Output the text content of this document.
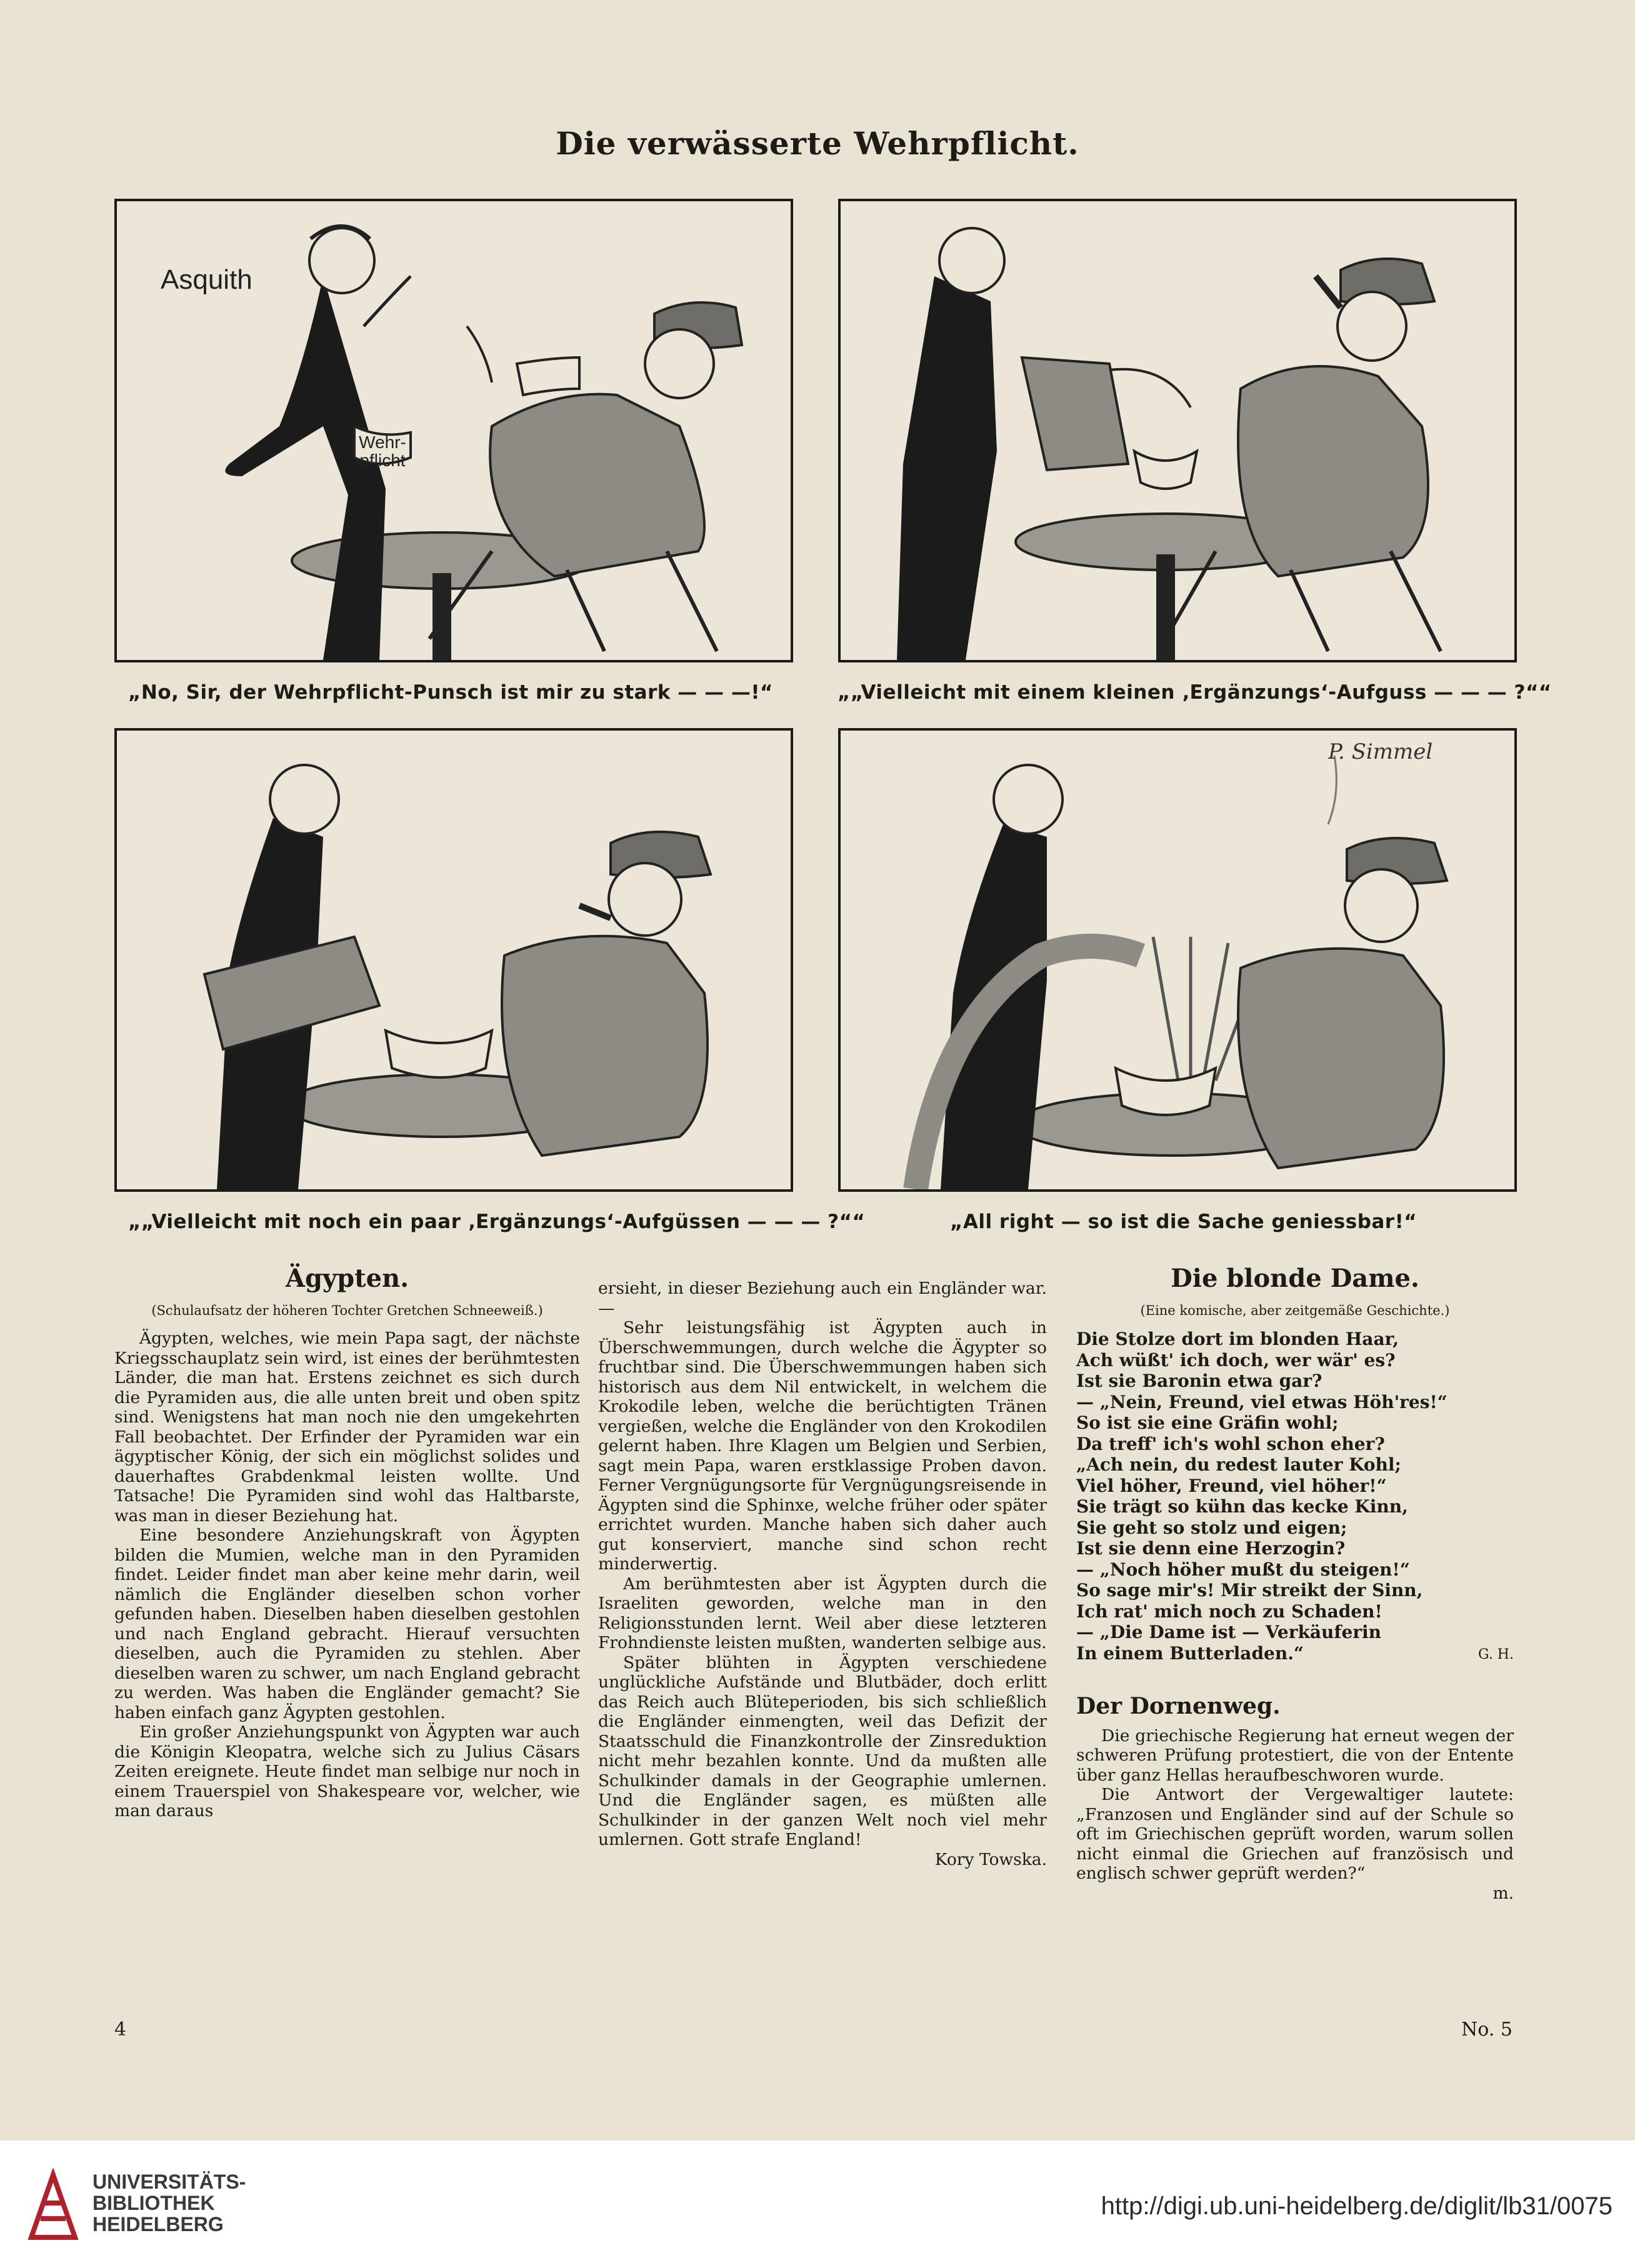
Die verwässerte Wehrpflicht.
Wehr-
pflicht
Asquith
P. Simmel
„No, Sir, der Wehrpflicht-Punsch ist mir zu stark — — —!“	„„Vielleicht mit einem kleinen ‚Ergänzungs‘-Aufguss — — — ?““
„„Vielleicht mit noch ein paar ‚Ergänzungs‘-Aufgüssen — — — ?““	„All right — so ist die Sache geniessbar!“
Ägypten.
(Schulaufsatz der höheren Tochter Gretchen Schneeweiß.)

Ägypten, welches, wie mein Papa sagt, der nächste Kriegsschauplatz sein wird, ist eines der berühmtesten Länder, die man hat. Erstens zeichnet es sich durch die Pyramiden aus, die alle unten breit und oben spitz sind. Wenigstens hat man noch nie den umgekehrten Fall beobachtet. Der Erfinder der Pyramiden war ein ägyptischer König, der sich ein möglichst solides und dauerhaftes Grabdenkmal leisten wollte. Und Tatsache! Die Pyramiden sind wohl das Haltbarste, was man in dieser Beziehung hat.

Eine besondere Anziehungskraft von Ägypten bilden die Mumien, welche man in den Pyramiden findet. Leider findet man aber keine mehr darin, weil nämlich die Engländer dieselben schon vorher gefunden haben. Dieselben haben dieselben gestohlen und nach England gebracht. Hierauf versuchten dieselben, auch die Pyramiden zu stehlen. Aber dieselben waren zu schwer, um nach England gebracht zu werden. Was haben die Engländer gemacht? Sie haben einfach ganz Ägypten gestohlen.

Ein großer Anziehungspunkt von Ägypten war auch die Königin Kleopatra, welche sich zu Julius Cäsars Zeiten ereignete. Heute findet man selbige nur noch in einem Trauerspiel von Shakespeare vor, welcher, wie man daraus

ersieht, in dieser Beziehung auch ein Engländer war. —

Sehr leistungsfähig ist Ägypten auch in Überschwemmungen, durch welche die Ägypter so fruchtbar sind. Die Überschwemmungen haben sich historisch aus dem Nil entwickelt, in welchem die Krokodile leben, welche die berüchtigten Tränen vergießen, welche die Engländer von den Krokodilen gelernt haben. Ihre Klagen um Belgien und Serbien, sagt mein Papa, waren erstklassige Proben davon. Ferner Vergnügungsorte für Vergnügungsreisende in Ägypten sind die Sphinxe, welche früher oder später errichtet wurden. Manche haben sich daher auch gut konserviert, manche sind schon recht minderwertig.

Am berühmtesten aber ist Ägypten durch die Israeliten geworden, welche man in den Religionsstunden lernt. Weil aber diese letzteren Frohndienste leisten mußten, wanderten selbige aus.

Später blühten in Ägypten verschiedene unglückliche Aufstände und Blutbäder, doch erlitt das Reich auch Blüteperioden, bis sich schließlich die Engländer einmengten, weil das Defizit der Staatsschuld die Finanzkontrolle der Zinsreduktion nicht mehr bezahlen konnte. Und da mußten alle Schulkinder damals in der Geographie umlernen. Und die Engländer sagen, es müßten alle Schulkinder in der ganzen Welt noch viel mehr umlernen. Gott strafe England!

Kory Towska.
Die blonde Dame.
(Eine komische, aber zeitgemäße Geschichte.)
Die Stolze dort im blonden Haar,
Ach wüßt' ich doch, wer wär' es?
Ist sie Baronin etwa gar?
— „Nein, Freund, viel etwas Höh'res!“
So ist sie eine Gräfin wohl;
Da treff' ich's wohl schon eher?
„Ach nein, du redest lauter Kohl;
Viel höher, Freund, viel höher!“
Sie trägt so kühn das kecke Kinn,
Sie geht so stolz und eigen;
Ist sie denn eine Herzogin?
— „Noch höher mußt du steigen!“
So sage mir's! Mir streikt der Sinn,
Ich rat' mich noch zu Schaden!
— „Die Dame ist — Verkäuferin
In einem Butterladen.“	G. H.
Der Dornenweg.

Die griechische Regierung hat erneut wegen der schweren Prüfung protestiert, die von der Entente über ganz Hellas heraufbeschworen wurde.

Die Antwort der Vergewaltiger lautete: „Franzosen und Engländer sind auf der Schule so oft im Griechischen geprüft worden, warum sollen nicht einmal die Griechen auf französisch und englisch schwer geprüft werden?“

m.
4	No. 5
UNIVERSITÄTS-
BIBLIOTHEK
HEIDELBERG
http://digi.ub.uni-heidelberg.de/diglit/lb31/0075
